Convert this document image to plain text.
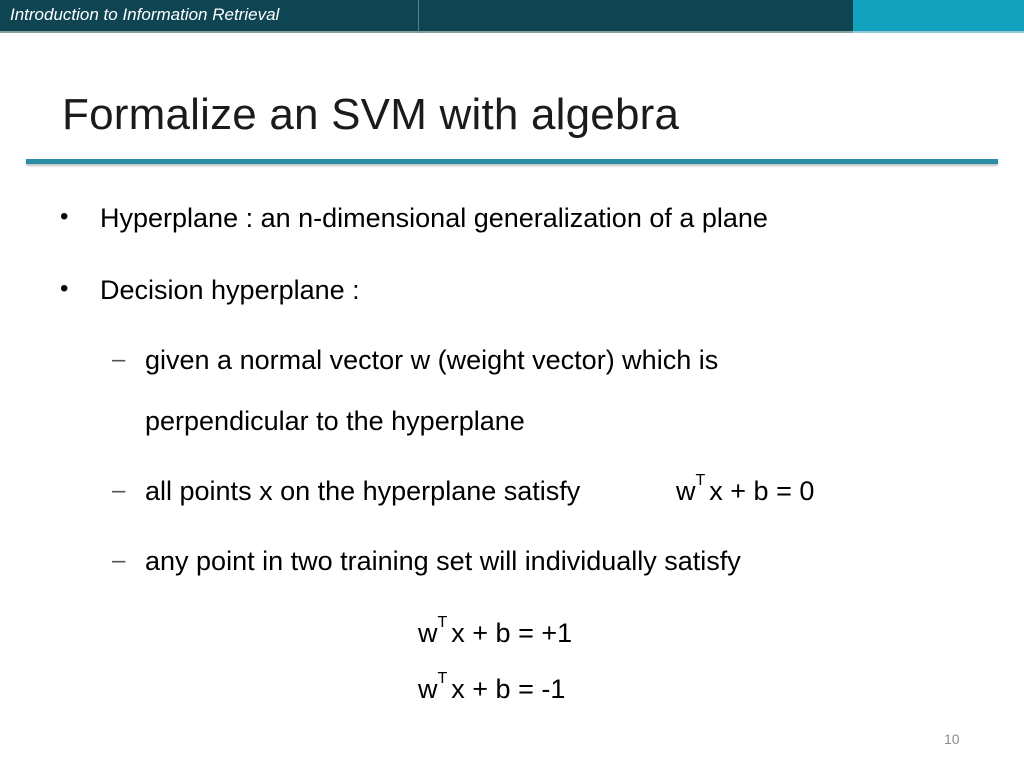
Introduction to Information Retrieval
Formalize an SVM with algebra
• Hyperplane : an n-dimensional generalization of a plane
• Decision hyperplane :
– given a normal vector w (weight vector) which is
perpendicular to the hyperplane
– all points x on the hyperplane satisfy	$w^T$ x + b = 0
– any point in two training set will individually satisfy
$w^T$ x + b = +1
$w^T$ x + b = -1
10
